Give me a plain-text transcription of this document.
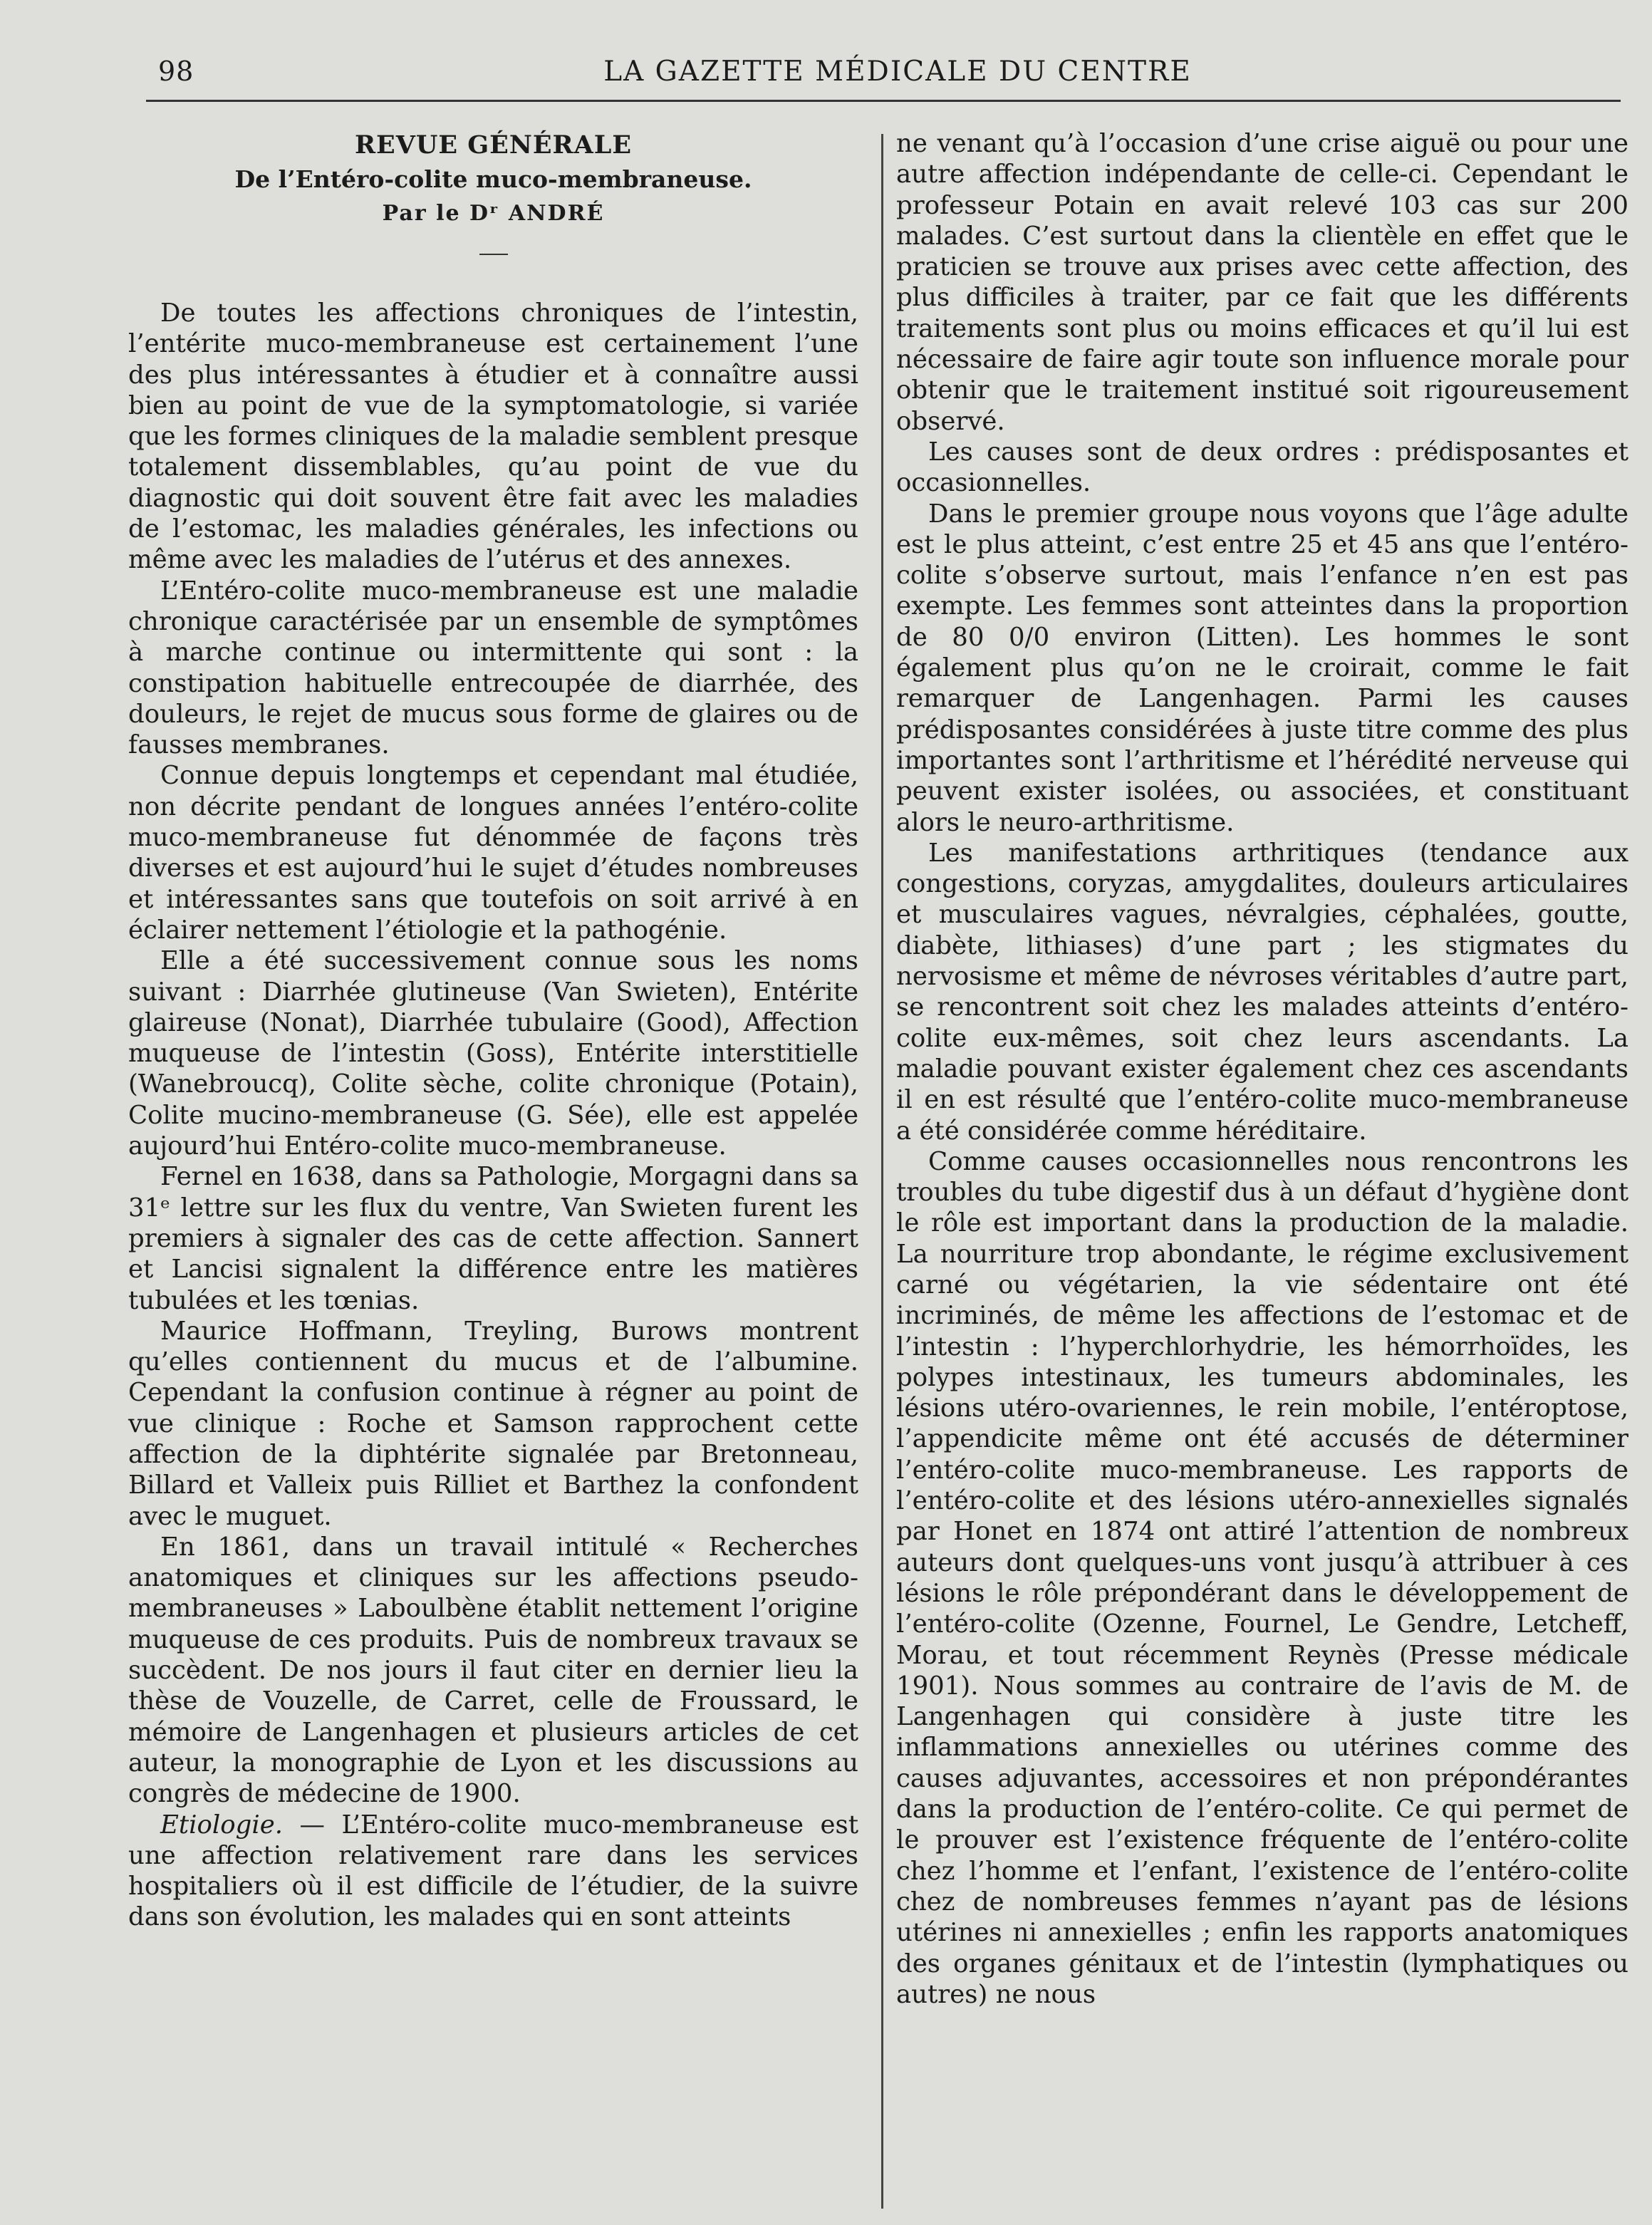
98	LA GAZETTE MÉDICALE DU CENTRE
REVUE GÉNÉRALE
De l’Entéro-colite muco-membraneuse.
Par le Dʳ ANDRÉ

De toutes les affections chroniques de l’intestin, l’entérite muco-membraneuse est certainement l’une des plus intéressantes à étudier et à connaître aussi bien au point de vue de la symptomatologie, si variée que les formes cliniques de la maladie semblent presque totalement dissemblables, qu’au point de vue du diagnostic qui doit souvent être fait avec les maladies de l’estomac, les maladies générales, les infections ou même avec les maladies de l’utérus et des annexes.

L’Entéro-colite muco-membraneuse est une maladie chronique caractérisée par un ensemble de symptômes à marche continue ou intermittente qui sont : la constipation habituelle entrecoupée de diarrhée, des douleurs, le rejet de mucus sous forme de glaires ou de fausses membranes.

Connue depuis longtemps et cependant mal étudiée, non décrite pendant de longues années l’entéro-colite muco-membraneuse fut dénommée de façons très diverses et est aujourd’hui le sujet d’études nombreuses et intéressantes sans que toutefois on soit arrivé à en éclairer nettement l’étiologie et la pathogénie.

Elle a été successivement connue sous les noms suivant : Diarrhée glutineuse (Van Swieten), Entérite glaireuse (Nonat), Diarrhée tubulaire (Good), Affection muqueuse de l’intestin (Goss), Entérite interstitielle (Wanebroucq), Colite sèche, colite chronique (Potain), Colite mucino-membraneuse (G. Sée), elle est appelée aujourd’hui Entéro-colite muco-membraneuse.

Fernel en 1638, dans sa Pathologie, Morgagni dans sa 31ᵉ lettre sur les flux du ventre, Van Swieten furent les premiers à signaler des cas de cette affection. Sannert et Lancisi signalent la différence entre les matières tubulées et les tœnias.

Maurice Hoffmann, Treyling, Burows montrent qu’elles contiennent du mucus et de l’albumine. Cependant la confusion continue à régner au point de vue clinique : Roche et Samson rapprochent cette affection de la diphtérite signalée par Bretonneau, Billard et Valleix puis Rilliet et Barthez la confondent avec le muguet.

En 1861, dans un travail intitulé « Recherches anatomiques et cliniques sur les affections pseudo-membraneuses » Laboulbène établit nettement l’origine muqueuse de ces produits. Puis de nombreux travaux se succèdent. De nos jours il faut citer en dernier lieu la thèse de Vouzelle, de Carret, celle de Froussard, le mémoire de Langenhagen et plusieurs articles de cet auteur, la monographie de Lyon et les discussions au congrès de médecine de 1900.

Etiologie. — L’Entéro-colite muco-membraneuse est une affection relativement rare dans les services hospitaliers où il est difficile de l’étudier, de la suivre dans son évolution, les malades qui en sont atteints

ne venant qu’à l’occasion d’une crise aiguë ou pour une autre affection indépendante de celle-ci. Cependant le professeur Potain en avait relevé 103 cas sur 200 malades. C’est surtout dans la clientèle en effet que le praticien se trouve aux prises avec cette affection, des plus difficiles à traiter, par ce fait que les différents traitements sont plus ou moins efficaces et qu’il lui est nécessaire de faire agir toute son influence morale pour obtenir que le traitement institué soit rigoureusement observé.

Les causes sont de deux ordres : prédisposantes et occasionnelles.

Dans le premier groupe nous voyons que l’âge adulte est le plus atteint, c’est entre 25 et 45 ans que l’entéro-colite s’observe surtout, mais l’enfance n’en est pas exempte. Les femmes sont atteintes dans la proportion de 80 0/0 environ (Litten). Les hommes le sont également plus qu’on ne le croirait, comme le fait remarquer de Langenhagen. Parmi les causes prédisposantes considérées à juste titre comme des plus importantes sont l’arthritisme et l’hérédité nerveuse qui peuvent exister isolées, ou associées, et constituant alors le neuro-arthritisme.

Les manifestations arthritiques (tendance aux congestions, coryzas, amygdalites, douleurs articulaires et musculaires vagues, névralgies, céphalées, goutte, diabète, lithiases) d’une part ; les stigmates du nervosisme et même de névroses véritables d’autre part, se rencontrent soit chez les malades atteints d’entéro-colite eux-mêmes, soit chez leurs ascendants. La maladie pouvant exister également chez ces ascendants il en est résulté que l’entéro-colite muco-membraneuse a été considérée comme héréditaire.

Comme causes occasionnelles nous rencontrons les troubles du tube digestif dus à un défaut d’hygiène dont le rôle est important dans la production de la maladie. La nourriture trop abondante, le régime exclusivement carné ou végétarien, la vie sédentaire ont été incriminés, de même les affections de l’estomac et de l’intestin : l’hyperchlorhydrie, les hémorrhoïdes, les polypes intestinaux, les tumeurs abdominales, les lésions utéro-ovariennes, le rein mobile, l’entéroptose, l’appendicite même ont été accusés de déterminer l’entéro-colite muco-membraneuse. Les rapports de l’entéro-colite et des lésions utéro-annexielles signalés par Honet en 1874 ont attiré l’attention de nombreux auteurs dont quelques-uns vont jusqu’à attribuer à ces lésions le rôle prépondérant dans le développement de l’entéro-colite (Ozenne, Fournel, Le Gendre, Letcheff, Morau, et tout récemment Reynès (Presse médicale 1901). Nous sommes au contraire de l’avis de M. de Langenhagen qui considère à juste titre les inflammations annexielles ou utérines comme des causes adjuvantes, accessoires et non prépondérantes dans la production de l’entéro-colite. Ce qui permet de le prouver est l’existence fréquente de l’entéro-colite chez l’homme et l’enfant, l’existence de l’entéro-colite chez de nombreuses femmes n’ayant pas de lésions utérines ni annexielles ; enfin les rapports anatomiques des organes génitaux et de l’intestin (lymphatiques ou autres) ne nous
